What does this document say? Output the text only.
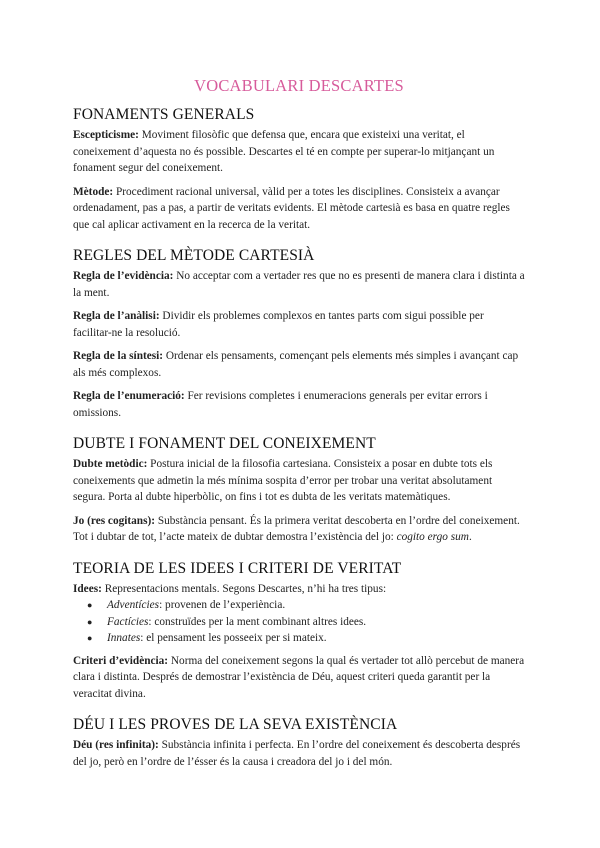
VOCABULARI DESCARTES
FONAMENTS GENERALS

Escepticisme: Moviment filosòfic que defensa que, encara que existeixi una veritat, el coneixement d’aquesta no és possible. Descartes el té en compte per superar-lo mitjançant un fonament segur del coneixement.

Mètode: Procediment racional universal, vàlid per a totes les disciplines. Consisteix a avançar ordenadament, pas a pas, a partir de veritats evidents. El mètode cartesià es basa en quatre regles que cal aplicar activament en la recerca de la veritat.

REGLES DEL MÈTODE CARTESIÀ

Regla de l’evidència: No acceptar com a vertader res que no es presenti de manera clara i distinta a la ment.

Regla de l’anàlisi: Dividir els problemes complexos en tantes parts com sigui possible per facilitar-ne la resolució.

Regla de la síntesi: Ordenar els pensaments, començant pels elements més simples i avançant cap als més complexos.

Regla de l’enumeració: Fer revisions completes i enumeracions generals per evitar errors i omissions.

DUBTE I FONAMENT DEL CONEIXEMENT

Dubte metòdic: Postura inicial de la filosofia cartesiana. Consisteix a posar en dubte tots els coneixements que admetin la més mínima sospita d’error per trobar una veritat absolutament segura. Porta al dubte hiperbòlic, on fins i tot es dubta de les veritats matemàtiques.

Jo (res cogitans): Substància pensant. És la primera veritat descoberta en l’ordre del coneixement. Tot i dubtar de tot, l’acte mateix de dubtar demostra l’existència del jo: cogito ergo sum.

TEORIA DE LES IDEES I CRITERI DE VERITAT

Idees: Representacions mentals. Segons Descartes, n’hi ha tres tipus:

● Adventícies: provenen de l’experiència.
● Factícies: construïdes per la ment combinant altres idees.
● Innates: el pensament les posseeix per si mateix.

Criteri d’evidència: Norma del coneixement segons la qual és vertader tot allò percebut de manera clara i distinta. Després de demostrar l’existència de Déu, aquest criteri queda garantit per la veracitat divina.

DÉU I LES PROVES DE LA SEVA EXISTÈNCIA

Déu (res infinita): Substància infinita i perfecta. En l’ordre del coneixement és descoberta després del jo, però en l’ordre de l’ésser és la causa i creadora del jo i del món.
